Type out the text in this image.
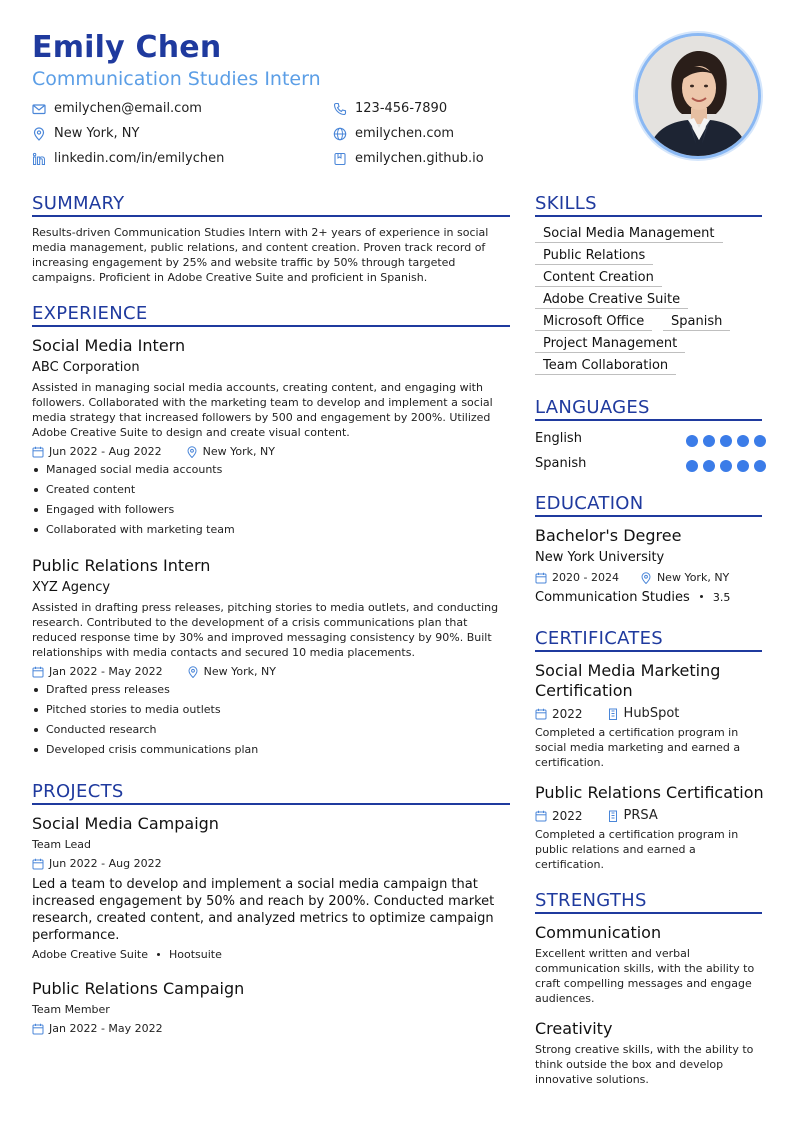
Emily Chen
Communication Studies Intern
emilychen@email.com	123-456-7890
New York, NY	emilychen.com
linkedin.com/in/emilychen	emilychen.github.io
SUMMARY
Results-driven Communication Studies Intern with 2+ years of experience in social
media management, public relations, and content creation. Proven track record of
increasing engagement by 25% and website traffic by 50% through targeted
campaigns. Proficient in Adobe Creative Suite and proficient in Spanish.
EXPERIENCE
Social Media Intern
ABC Corporation
Assisted in managing social media accounts, creating content, and engaging with
followers. Collaborated with the marketing team to develop and implement a social
media strategy that increased followers by 500 and engagement by 200%. Utilized
Adobe Creative Suite to design and create visual content.
Jun 2022 - Aug 2022	New York, NY
Managed social media accounts
Created content
Engaged with followers
Collaborated with marketing team
Public Relations Intern
XYZ Agency
Assisted in drafting press releases, pitching stories to media outlets, and conducting
research. Contributed to the development of a crisis communications plan that
reduced response time by 30% and improved messaging consistency by 90%. Built
relationships with media contacts and secured 10 media placements.
Jan 2022 - May 2022	New York, NY
Drafted press releases
Pitched stories to media outlets
Conducted research
Developed crisis communications plan
PROJECTS
Social Media Campaign
Team Lead
Jun 2022 - Aug 2022
Led a team to develop and implement a social media campaign that
increased engagement by 50% and reach by 200%. Conducted market
research, created content, and analyzed metrics to optimize campaign
performance.
Adobe Creative Suite Hootsuite
Public Relations Campaign
Team Member
Jan 2022 - May 2022
SKILLS
Social Media Management
Public Relations
Content Creation
Adobe Creative Suite
Microsoft Office	Spanish
Project Management
Team Collaboration
LANGUAGES
English
Spanish
EDUCATION
Bachelor's Degree
New York University
2020 - 2024	New York, NY
Communication Studies 3.5
CERTIFICATES
Social Media Marketing
Certification
2022	HubSpot
Completed a certification program in
social media marketing and earned a
certification.
Public Relations Certification
2022	PRSA
Completed a certification program in
public relations and earned a
certification.
STRENGTHS
Communication
Excellent written and verbal
communication skills, with the ability to
craft compelling messages and engage
audiences.
Creativity
Strong creative skills, with the ability to
think outside the box and develop
innovative solutions.
